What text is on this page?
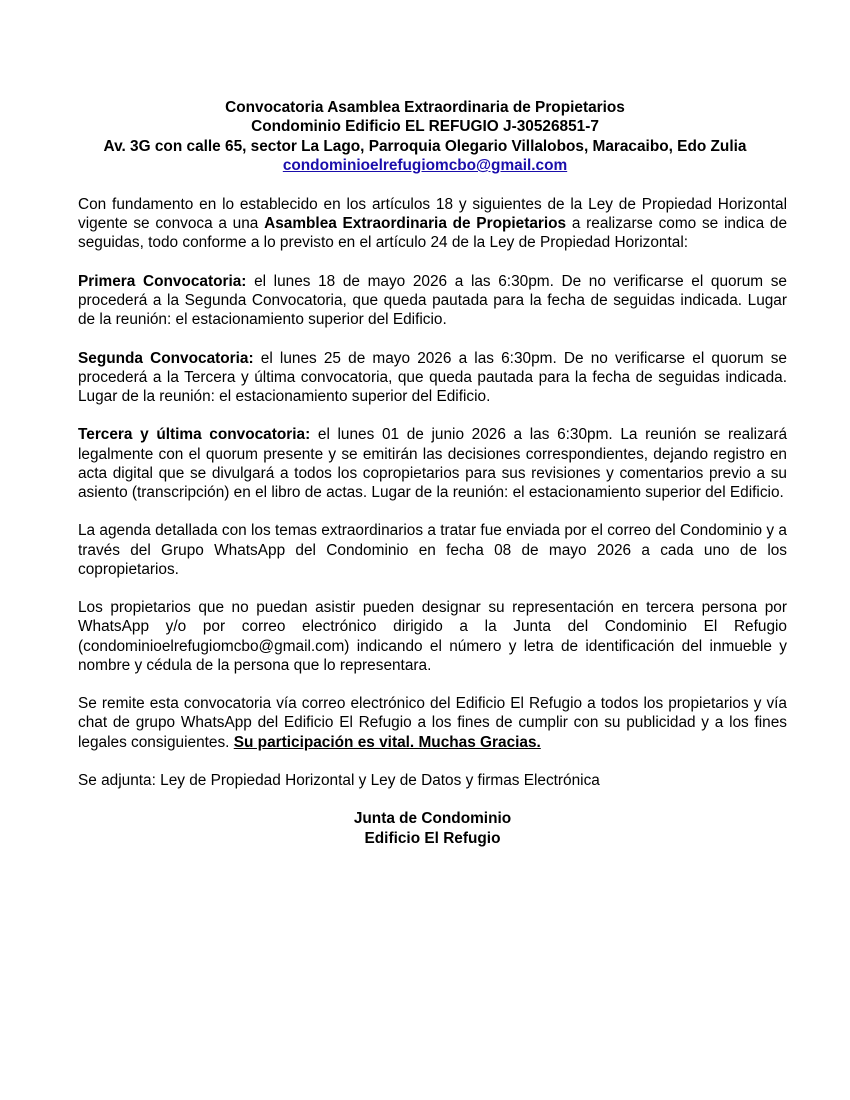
Convocatoria Asamblea Extraordinaria de Propietarios
Condominio Edificio EL REFUGIO J-30526851-7
Av. 3G con calle 65, sector La Lago, Parroquia Olegario Villalobos, Maracaibo, Edo Zulia
condominioelrefugiomcbo@gmail.com
Con fundamento en lo establecido en los artículos 18 y siguientes de la Ley de Propiedad Horizontal vigente se convoca a una Asamblea Extraordinaria de Propietarios a realizarse como se indica de seguidas, todo conforme a lo previsto en el artículo 24 de la Ley de Propiedad Horizontal:
Primera Convocatoria: el lunes 18 de mayo 2026 a las 6:30pm. De no verificarse el quorum se procederá a la Segunda Convocatoria, que queda pautada para la fecha de seguidas indicada. Lugar de la reunión: el estacionamiento superior del Edificio.
Segunda Convocatoria: el lunes 25 de mayo 2026 a las 6:30pm. De no verificarse el quorum se procederá a la Tercera y última convocatoria, que queda pautada para la fecha de seguidas indicada. Lugar de la reunión: el estacionamiento superior del Edificio.
Tercera y última convocatoria: el lunes 01 de junio 2026 a las 6:30pm. La reunión se realizará legalmente con el quorum presente y se emitirán las decisiones correspondientes, dejando registro en acta digital que se divulgará a todos los copropietarios para sus revisiones y comentarios previo a su asiento (transcripción) en el libro de actas. Lugar de la reunión: el estacionamiento superior del Edificio.
La agenda detallada con los temas extraordinarios a tratar fue enviada por el correo del Condominio y a través del Grupo WhatsApp del Condominio en fecha 08 de mayo 2026 a cada uno de los copropietarios.
Los propietarios que no puedan asistir pueden designar su representación en tercera persona por WhatsApp y/o por correo electrónico dirigido a la Junta del Condominio El Refugio (condominioelrefugiomcbo@gmail.com) indicando el número y letra de identificación del inmueble y nombre y cédula de la persona que lo representara.
Se remite esta convocatoria vía correo electrónico del Edificio El Refugio a todos los propietarios y vía chat de grupo WhatsApp del Edificio El Refugio a los fines de cumplir con su publicidad y a los fines legales consiguientes. Su participación es vital. Muchas Gracias.
Se adjunta: Ley de Propiedad Horizontal y Ley de Datos y firmas Electrónica
Junta de Condominio
Edificio El Refugio
